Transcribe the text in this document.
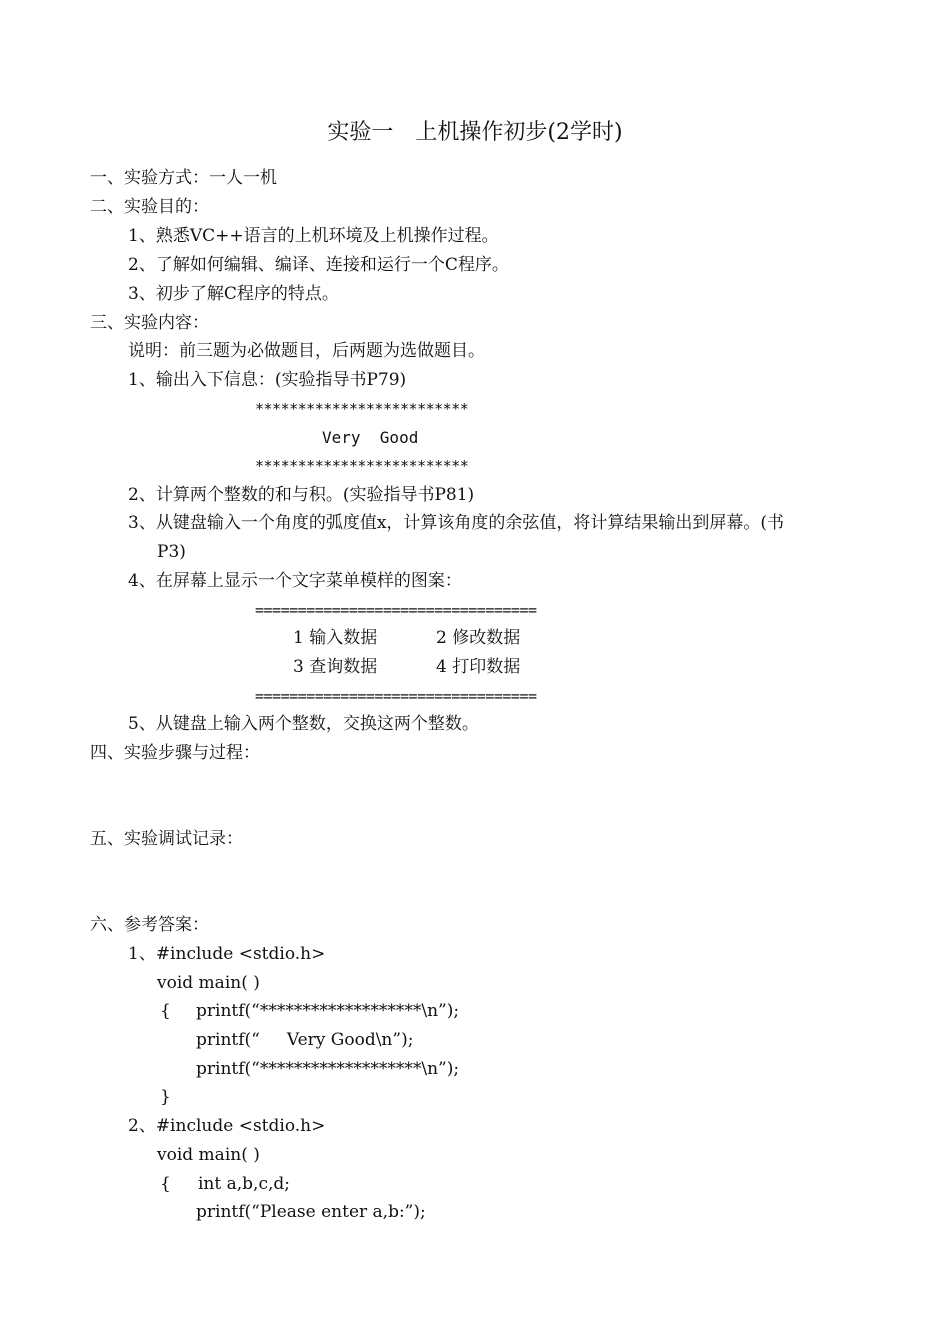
实验一　上机操作初步(2学时)
一、实验方式：一人一机
二、实验目的：
1、熟悉VC++语言的上机环境及上机操作过程。
2、了解如何编辑、编译、连接和运行一个C程序。
3、初步了解C程序的特点。
三、实验内容：
说明：前三题为必做题目，后两题为选做题目。
1、输出入下信息：(实验指导书P79)
*************************
Very  Good
*************************
2、计算两个整数的和与积。(实验指导书P81)
3、从键盘输入一个角度的弧度值x，计算该角度的余弦值，将计算结果输出到屏幕。(书
P3)
4、在屏幕上显示一个文字菜单模样的图案：
=================================
1 输入数据	2 修改数据
3 查询数据	4 打印数据
=================================
5、从键盘上输入两个整数，交换这两个整数。
四、实验步骤与过程：
五、实验调试记录：
六、参考答案：
1、#include <stdio.h>
void main( )
{ printf(“*******************\n”);
printf(“     Very Good\n”);
printf(“*******************\n”);
}
2、#include <stdio.h>
void main( )
{ int a,b,c,d;
printf(“Please enter a,b:”);
